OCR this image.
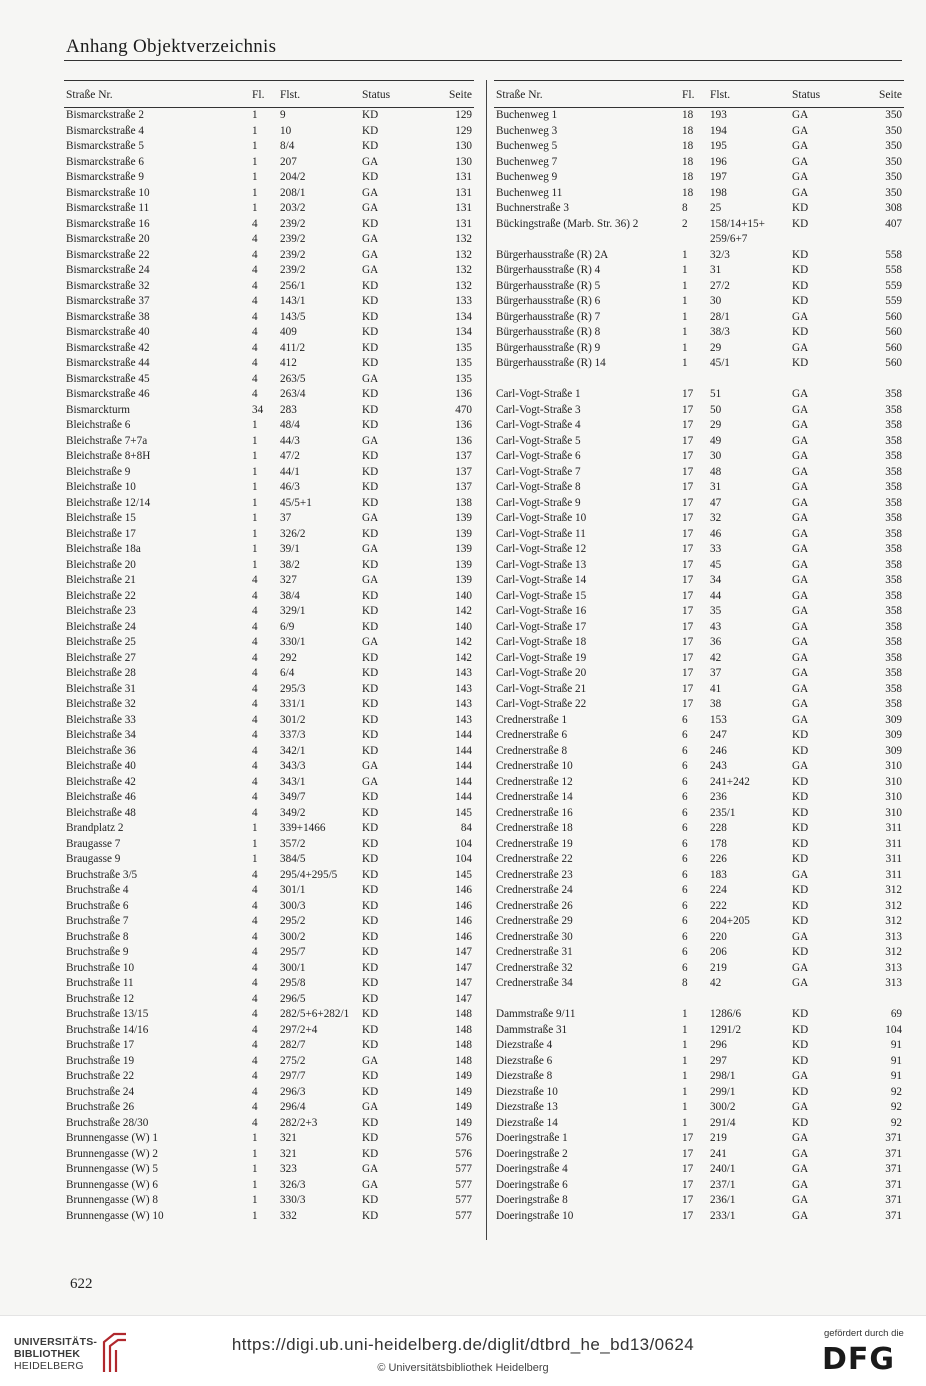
Anhang Objektverzeichnis
Straße Nr.	Fl. Flst.	Status	Seite
Bismarckstraße 2	1 9	KD	129
Bismarckstraße 4	1 10	KD	129
Bismarckstraße 5	1 8/4	KD	130
Bismarckstraße 6	1 207	GA	130
Bismarckstraße 9	1 204/2	KD	131
Bismarckstraße 10	1 208/1	GA	131
Bismarckstraße 11	1 203/2	GA	131
Bismarckstraße 16	4 239/2	KD	131
Bismarckstraße 20	4 239/2	GA	132
Bismarckstraße 22	4 239/2	GA	132
Bismarckstraße 24	4 239/2	GA	132
Bismarckstraße 32	4 256/1	KD	132
Bismarckstraße 37	4 143/1	KD	133
Bismarckstraße 38	4 143/5	KD	134
Bismarckstraße 40	4 409	KD	134
Bismarckstraße 42	4 411/2	KD	135
Bismarckstraße 44	4 412	KD	135
Bismarckstraße 45	4 263/5	GA	135
Bismarckstraße 46	4 263/4	KD	136
Bismarckturm	34 283	KD	470
Bleichstraße 6	1 48/4	KD	136
Bleichstraße 7+7a	1 44/3	GA	136
Bleichstraße 8+8H	1 47/2	KD	137
Bleichstraße 9	1 44/1	KD	137
Bleichstraße 10	1 46/3	KD	137
Bleichstraße 12/14	1 45/5+1	KD	138
Bleichstraße 15	1 37	GA	139
Bleichstraße 17	1 326/2	KD	139
Bleichstraße 18a	1 39/1	GA	139
Bleichstraße 20	1 38/2	KD	139
Bleichstraße 21	4 327	GA	139
Bleichstraße 22	4 38/4	KD	140
Bleichstraße 23	4 329/1	KD	142
Bleichstraße 24	4 6/9	KD	140
Bleichstraße 25	4 330/1	GA	142
Bleichstraße 27	4 292	KD	142
Bleichstraße 28	4 6/4	KD	143
Bleichstraße 31	4 295/3	KD	143
Bleichstraße 32	4 331/1	KD	143
Bleichstraße 33	4 301/2	KD	143
Bleichstraße 34	4 337/3	KD	144
Bleichstraße 36	4 342/1	KD	144
Bleichstraße 40	4 343/3	GA	144
Bleichstraße 42	4 343/1	GA	144
Bleichstraße 46	4 349/7	KD	144
Bleichstraße 48	4 349/2	KD	145
Brandplatz 2	1 339+1466	KD	84
Braugasse 7	1 357/2	KD	104
Braugasse 9	1 384/5	KD	104
Bruchstraße 3/5	4 295/4+295/5 KD	145
Bruchstraße 4	4 301/1	KD	146
Bruchstraße 6	4 300/3	KD	146
Bruchstraße 7	4 295/2	KD	146
Bruchstraße 8	4 300/2	KD	146
Bruchstraße 9	4 295/7	KD	147
Bruchstraße 10	4 300/1	KD	147
Bruchstraße 11	4 295/8	KD	147
Bruchstraße 12	4 296/5	KD	147
Bruchstraße 13/15	4 282/5+6+282/1 KD	148
Bruchstraße 14/16	4 297/2+4	KD	148
Bruchstraße 17	4 282/7	KD	148
Bruchstraße 19	4 275/2	GA	148
Bruchstraße 22	4 297/7	KD	149
Bruchstraße 24	4 296/3	KD	149
Bruchstraße 26	4 296/4	GA	149
Bruchstraße 28/30	4 282/2+3	KD	149
Brunnengasse (W) 1	1 321	KD	576
Brunnengasse (W) 2	1 321	KD	576
Brunnengasse (W) 5	1 323	GA	577
Brunnengasse (W) 6	1 326/3	GA	577
Brunnengasse (W) 8	1 330/3	KD	577
Brunnengasse (W) 10	1 332	KD	577
Straße Nr.	Fl. Flst.	Status	Seite
Buchenweg 1	18 193	GA	350
Buchenweg 3	18 194	GA	350
Buchenweg 5	18 195	GA	350
Buchenweg 7	18 196	GA	350
Buchenweg 9	18 197	GA	350
Buchenweg 11	18 198	GA	350
Buchnerstraße 3	8 25	KD	308
Bückingstraße (Marb. Str. 36) 2	2 158/14+15+ KD	407
259/6+7
Bürgerhausstraße (R) 2A	1 32/3	KD	558
Bürgerhausstraße (R) 4	1 31	KD	558
Bürgerhausstraße (R) 5	1 27/2	KD	559
Bürgerhausstraße (R) 6	1 30	KD	559
Bürgerhausstraße (R) 7	1 28/1	GA	560
Bürgerhausstraße (R) 8	1 38/3	KD	560
Bürgerhausstraße (R) 9	1 29	GA	560
Bürgerhausstraße (R) 14	1 45/1	KD	560
Carl-Vogt-Straße 1	17 51	GA	358
Carl-Vogt-Straße 3	17 50	GA	358
Carl-Vogt-Straße 4	17 29	GA	358
Carl-Vogt-Straße 5	17 49	GA	358
Carl-Vogt-Straße 6	17 30	GA	358
Carl-Vogt-Straße 7	17 48	GA	358
Carl-Vogt-Straße 8	17 31	GA	358
Carl-Vogt-Straße 9	17 47	GA	358
Carl-Vogt-Straße 10	17 32	GA	358
Carl-Vogt-Straße 11	17 46	GA	358
Carl-Vogt-Straße 12	17 33	GA	358
Carl-Vogt-Straße 13	17 45	GA	358
Carl-Vogt-Straße 14	17 34	GA	358
Carl-Vogt-Straße 15	17 44	GA	358
Carl-Vogt-Straße 16	17 35	GA	358
Carl-Vogt-Straße 17	17 43	GA	358
Carl-Vogt-Straße 18	17 36	GA	358
Carl-Vogt-Straße 19	17 42	GA	358
Carl-Vogt-Straße 20	17 37	GA	358
Carl-Vogt-Straße 21	17 41	GA	358
Carl-Vogt-Straße 22	17 38	GA	358
Crednerstraße 1	6 153	GA	309
Crednerstraße 6	6 247	KD	309
Crednerstraße 8	6 246	KD	309
Crednerstraße 10	6 243	GA	310
Crednerstraße 12	6 241+242	KD	310
Crednerstraße 14	6 236	KD	310
Crednerstraße 16	6 235/1	KD	310
Crednerstraße 18	6 228	KD	311
Crednerstraße 19	6 178	KD	311
Crednerstraße 22	6 226	KD	311
Crednerstraße 23	6 183	GA	311
Crednerstraße 24	6 224	KD	312
Crednerstraße 26	6 222	KD	312
Crednerstraße 29	6 204+205	KD	312
Crednerstraße 30	6 220	GA	313
Crednerstraße 31	6 206	KD	312
Crednerstraße 32	6 219	GA	313
Crednerstraße 34	8 42	GA	313
Dammstraße 9/11	1 1286/6	KD	69
Dammstraße 31	1 1291/2	KD	104
Diezstraße 4	1 296	KD	91
Diezstraße 6	1 297	KD	91
Diezstraße 8	1 298/1	GA	91
Diezstraße 10	1 299/1	KD	92
Diezstraße 13	1 300/2	GA	92
Diezstraße 14	1 291/4	KD	92
Doeringstraße 1	17 219	GA	371
Doeringstraße 2	17 241	GA	371
Doeringstraße 4	17 240/1	GA	371
Doeringstraße 6	17 237/1	GA	371
Doeringstraße 8	17 236/1	GA	371
Doeringstraße 10	17 233/1	GA	371
622
UNIVERSITÄTS-
BIBLIOTHEK
HEIDELBERG
https://digi.ub.uni-heidelberg.de/diglit/dtbrd_he_bd13/0624
© Universitätsbibliothek Heidelberg
gefördert durch die
DFG
